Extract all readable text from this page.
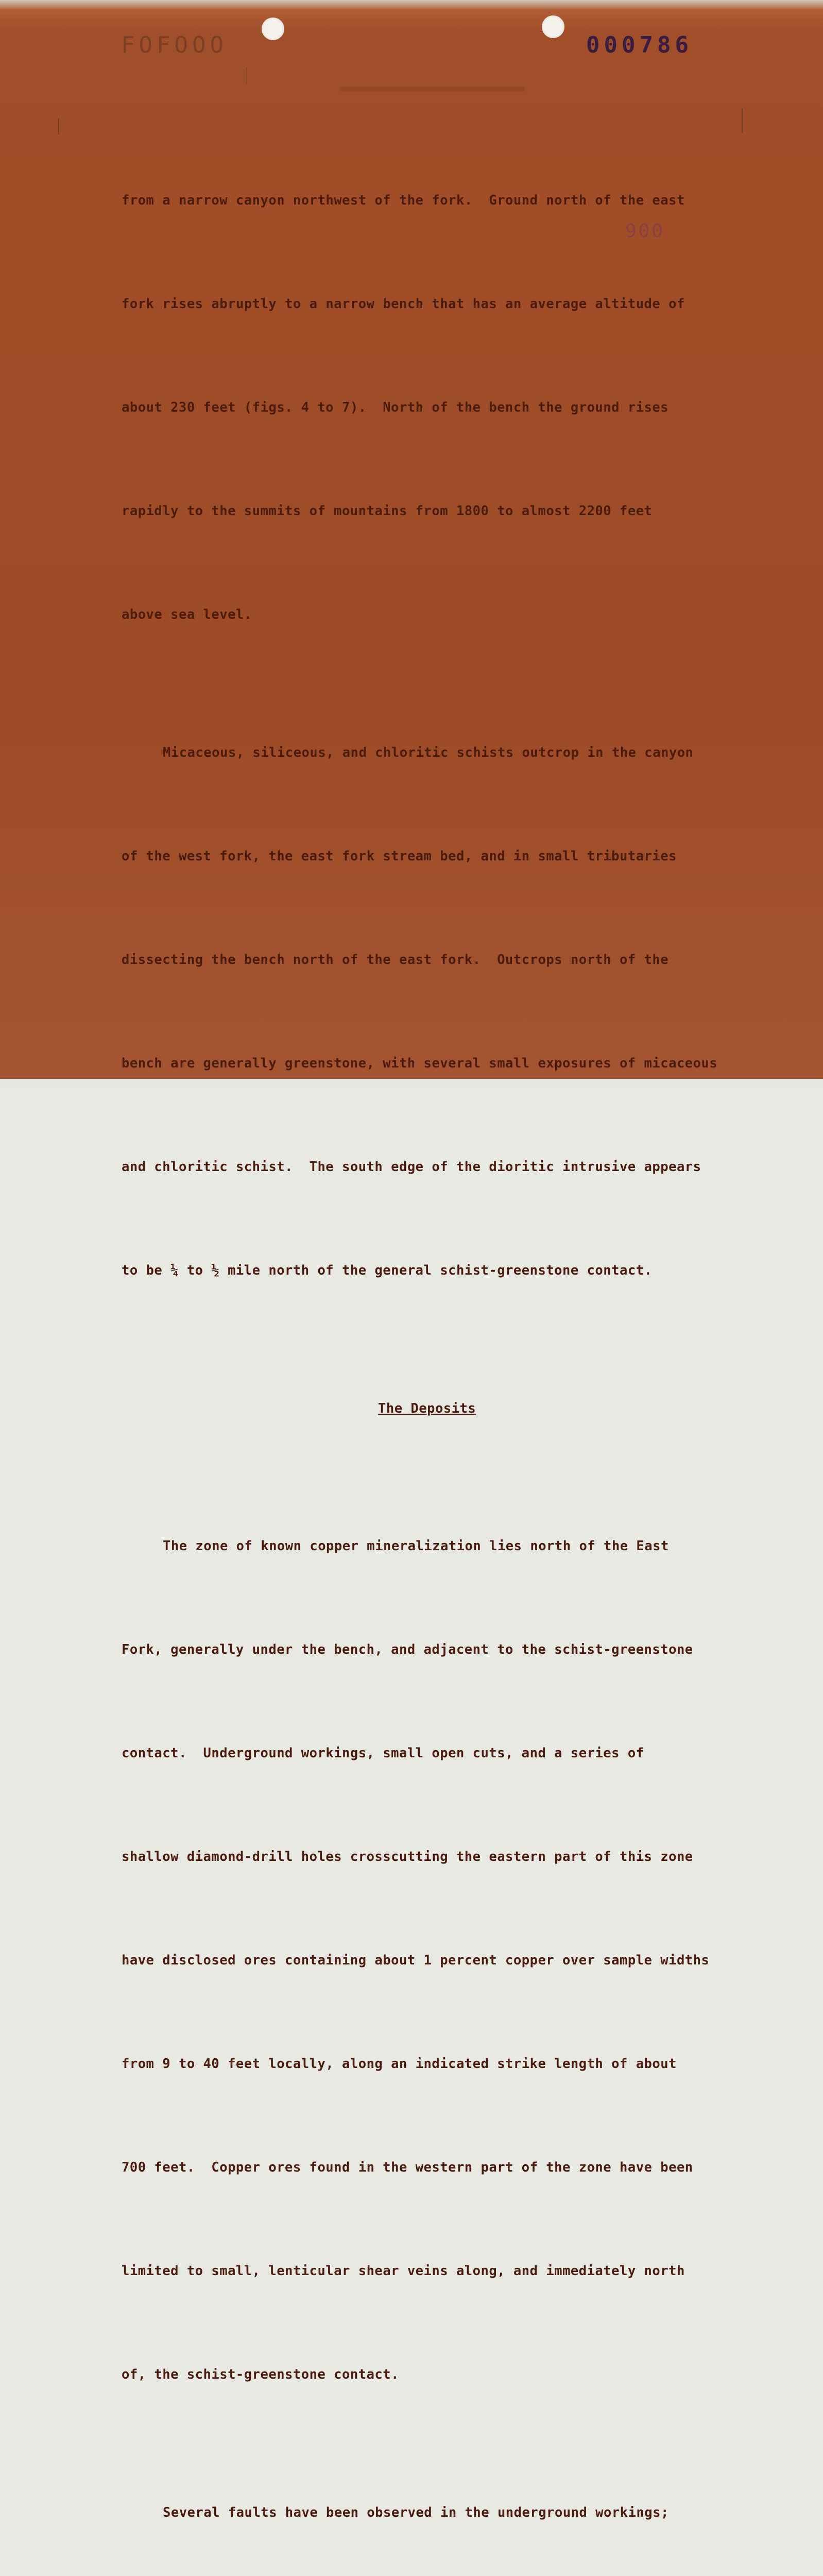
FOFOOO	000786
900

from a narrow canyon northwest of the fork.  Ground north of the east

fork rises abruptly to a narrow bench that has an average altitude of

about 230 feet (figs. 4 to 7).  North of the bench the ground rises

rapidly to the summits of mountains from 1800 to almost 2200 feet

above sea level.

Micaceous, siliceous, and chloritic schists outcrop in the canyon

of the west fork, the east fork stream bed, and in small tributaries

dissecting the bench north of the east fork.  Outcrops north of the

bench are generally greenstone, with several small exposures of micaceous

and chloritic schist.  The south edge of the dioritic intrusive appears

to be ¼ to ½ mile north of the general schist-greenstone contact.

The Deposits

The zone of known copper mineralization lies north of the East

Fork, generally under the bench, and adjacent to the schist-greenstone

contact.  Underground workings, small open cuts, and a series of

shallow diamond-drill holes crosscutting the eastern part of this zone

have disclosed ores containing about 1 percent copper over sample widths

from 9 to 40 feet locally, along an indicated strike length of about

700 feet.  Copper ores found in the western part of the zone have been

limited to small, lenticular shear veins along, and immediately north

of, the schist-greenstone contact.

Several faults have been observed in the underground workings;
